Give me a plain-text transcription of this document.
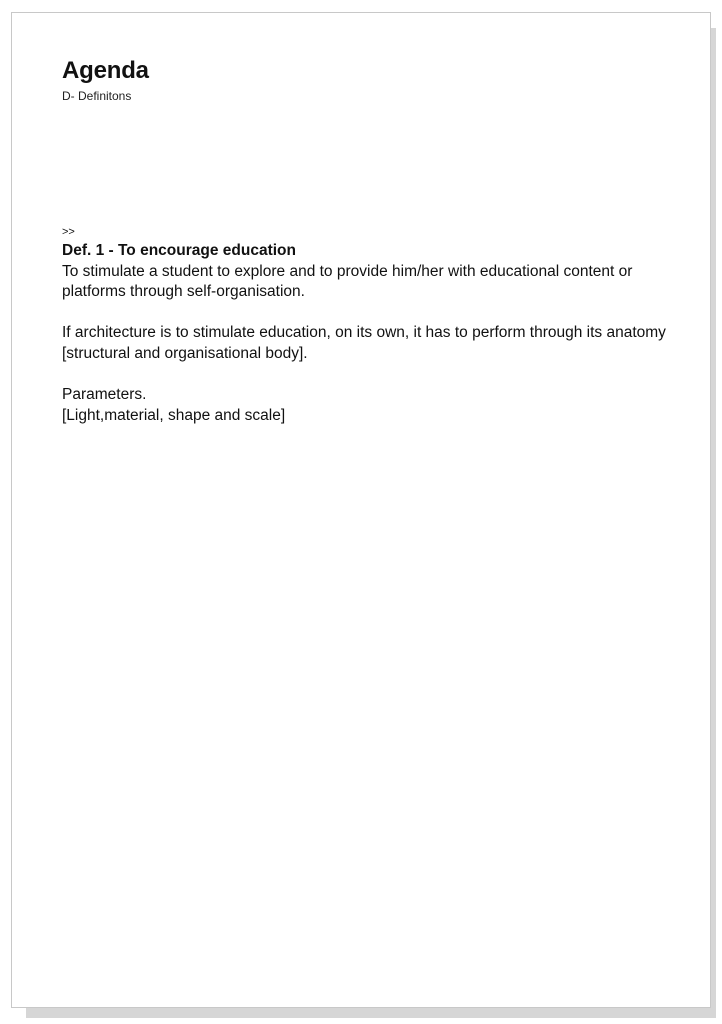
Agenda
D- Definitons
>>
Def. 1 - To encourage education

To stimulate a student to explore and to provide him/her with educational content or platforms through self-organisation.

If architecture is to stimulate education, on its own, it has to perform through its anatomy [structural and organisational body].

Parameters.

[Light,material, shape and scale]
